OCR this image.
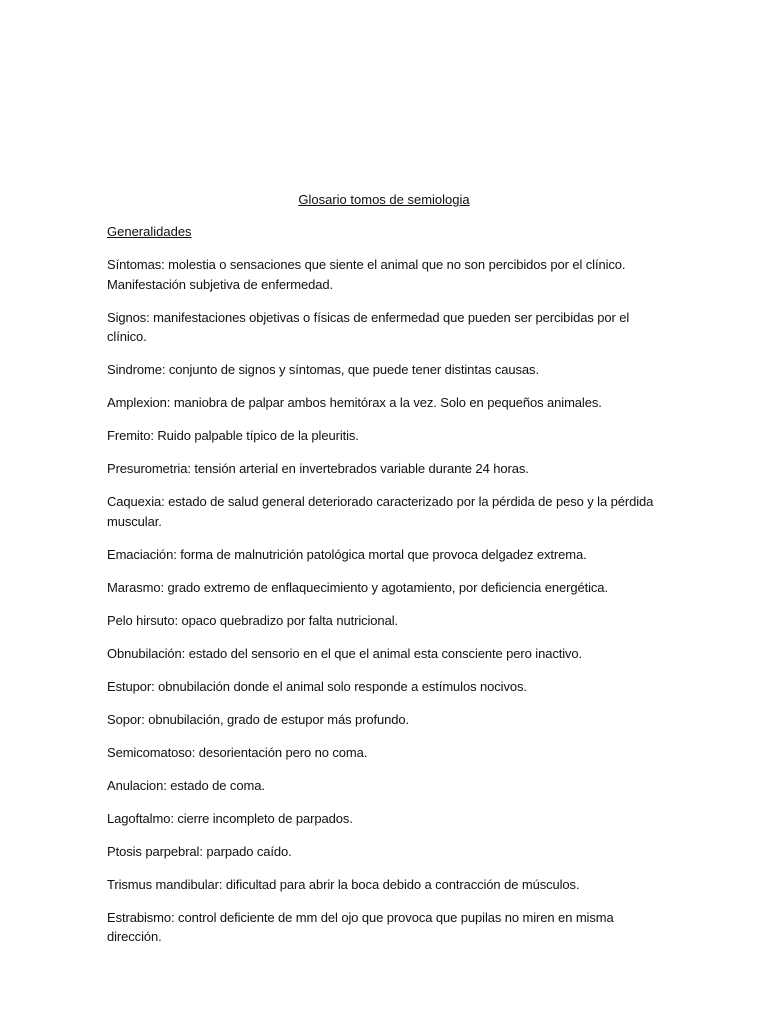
Glosario tomos de semiologia
Generalidades
Síntomas: molestia o sensaciones que siente el animal que no son percibidos por el clínico. Manifestación subjetiva de enfermedad.
Signos: manifestaciones objetivas o físicas de enfermedad que pueden ser percibidas por el clínico.
Sindrome: conjunto de signos y síntomas, que puede tener distintas causas.
Amplexion: maniobra de palpar ambos hemitórax a la vez. Solo en pequeños animales.
Fremito: Ruido palpable típico de la pleuritis.
Presurometria: tensión arterial en invertebrados variable durante 24 horas.
Caquexia: estado de salud general deteriorado caracterizado por la pérdida de peso y la pérdida muscular.
Emaciación: forma de malnutrición patológica mortal que provoca delgadez extrema.
Marasmo: grado extremo de enflaquecimiento y agotamiento, por deficiencia energética.
Pelo hirsuto: opaco quebradizo por falta nutricional.
Obnubilación: estado del sensorio en el que el animal esta consciente pero inactivo.
Estupor: obnubilación donde el animal solo responde a estímulos nocivos.
Sopor: obnubilación, grado de estupor más profundo.
Semicomatoso: desorientación pero no coma.
Anulacion: estado de coma.
Lagoftalmo: cierre incompleto de parpados.
Ptosis parpebral: parpado caído.
Trismus mandibular: dificultad para abrir la boca debido a contracción de músculos.
Estrabismo: control deficiente de mm del ojo que provoca que pupilas no miren en misma dirección.
